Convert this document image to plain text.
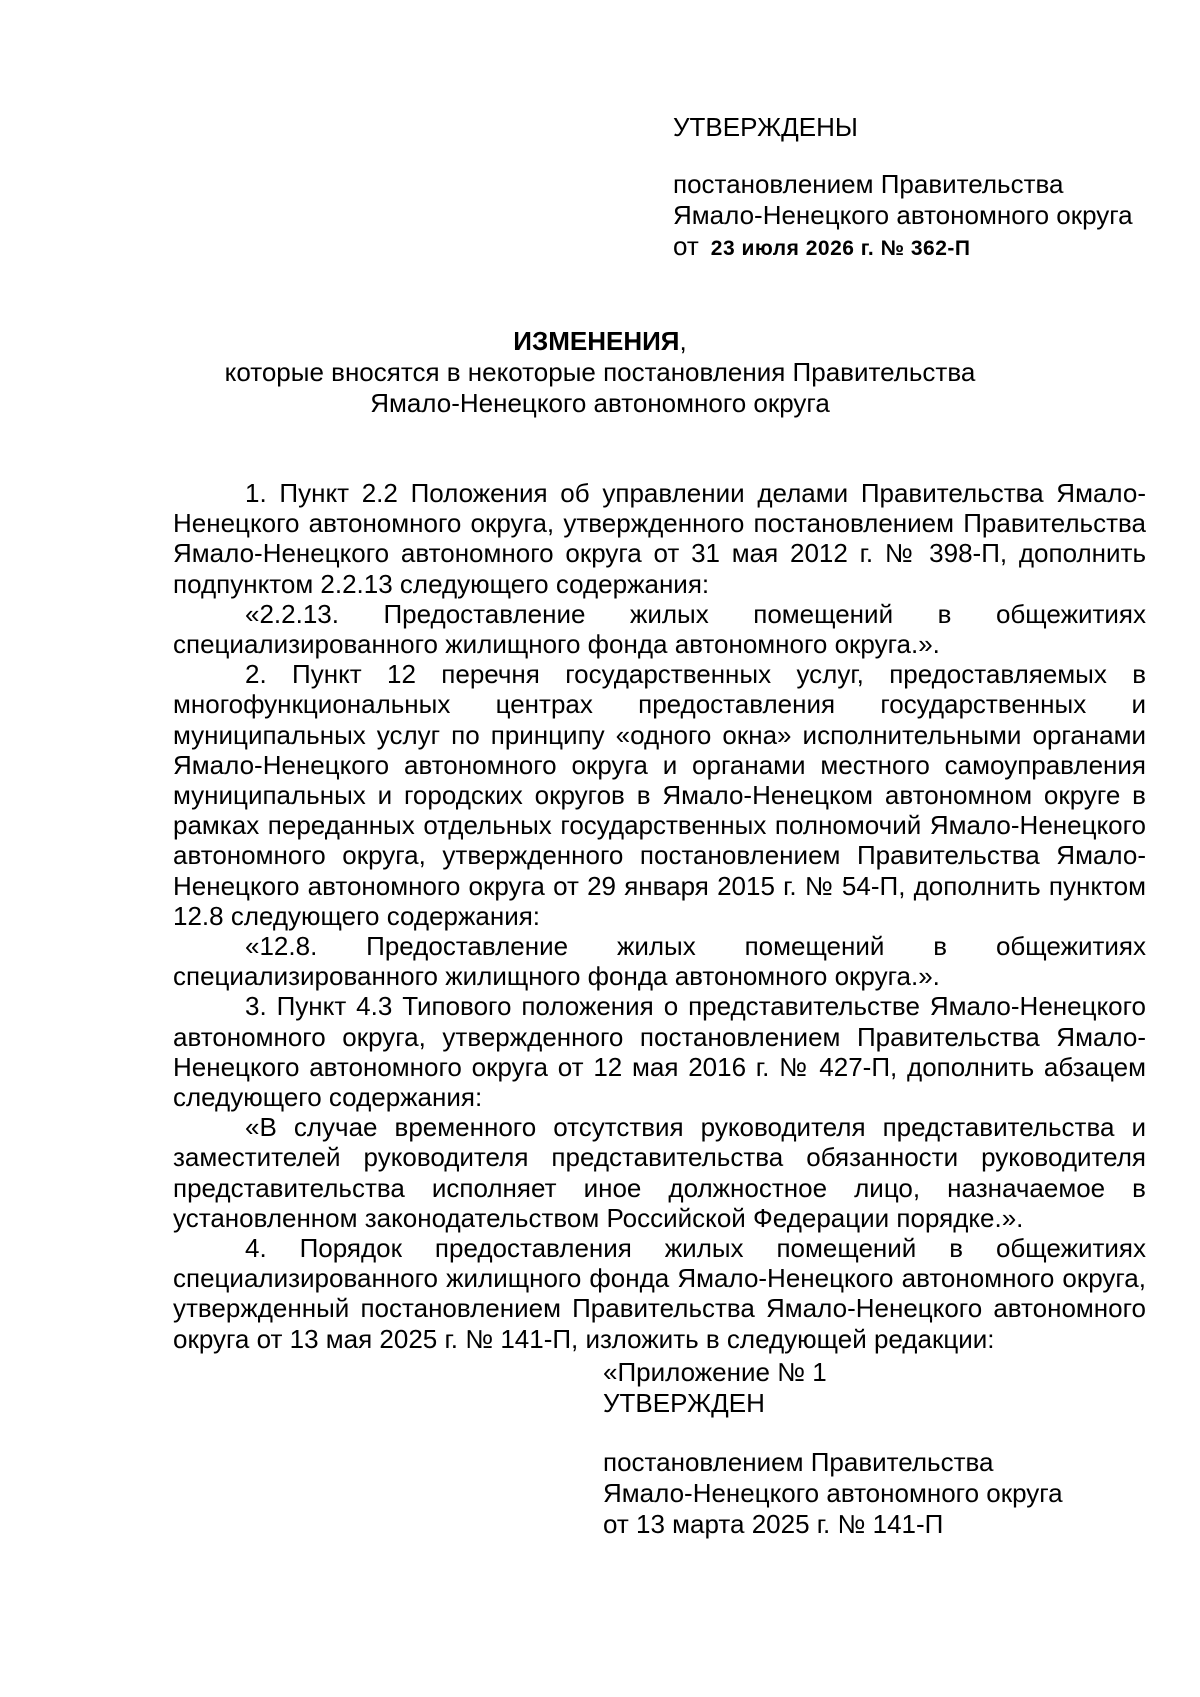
УТВЕРЖДЕНЫ
постановлением Правительства
Ямало-Ненецкого автономного округа
от 23 июля 2026 г. № 362-П
ИЗМЕНЕНИЯ,
которые вносятся в некоторые постановления Правительства
Ямало-Ненецкого автономного округа

1. Пункт 2.2 Положения об управлении делами Правительства Ямало-Ненецкого автономного округа, утвержденного постановлением Правительства Ямало-Ненецкого автономного округа от 31 мая 2012 г. № 398-П, дополнить подпунктом 2.2.13 следующего содержания:

«2.2.13. Предоставление жилых помещений в общежитиях специализированного жилищного фонда автономного округа.».

2. Пункт 12 перечня государственных услуг, предоставляемых в многофункциональных центрах предоставления государственных и муниципальных услуг по принципу «одного окна» исполнительными органами Ямало-Ненецкого автономного округа и органами местного самоуправления муниципальных и городских округов в Ямало-Ненецком автономном округе в рамках переданных отдельных государственных полномочий Ямало-Ненецкого автономного округа, утвержденного постановлением Правительства Ямало-Ненецкого автономного округа от 29 января 2015 г. № 54-П, дополнить пунктом 12.8 следующего содержания:

«12.8. Предоставление жилых помещений в общежитиях специализированного жилищного фонда автономного округа.».

3. Пункт 4.3 Типового положения о представительстве Ямало-Ненецкого автономного округа, утвержденного постановлением Правительства Ямало-Ненецкого автономного округа от 12 мая 2016 г. № 427-П, дополнить абзацем следующего содержания:

«В случае временного отсутствия руководителя представительства и заместителей руководителя представительства обязанности руководителя представительства исполняет иное должностное лицо, назначаемое в установленном законодательством Российской Федерации порядке.».

4. Порядок предоставления жилых помещений в общежитиях специализированного жилищного фонда Ямало-Ненецкого автономного округа, утвержденный постановлением Правительства Ямало-Ненецкого автономного округа от 13 мая 2025 г. № 141-П, изложить в следующей редакции:

«Приложение № 1
УТВЕРЖДЕН
постановлением Правительства
Ямало-Ненецкого автономного округа
от 13 марта 2025 г. № 141-П
